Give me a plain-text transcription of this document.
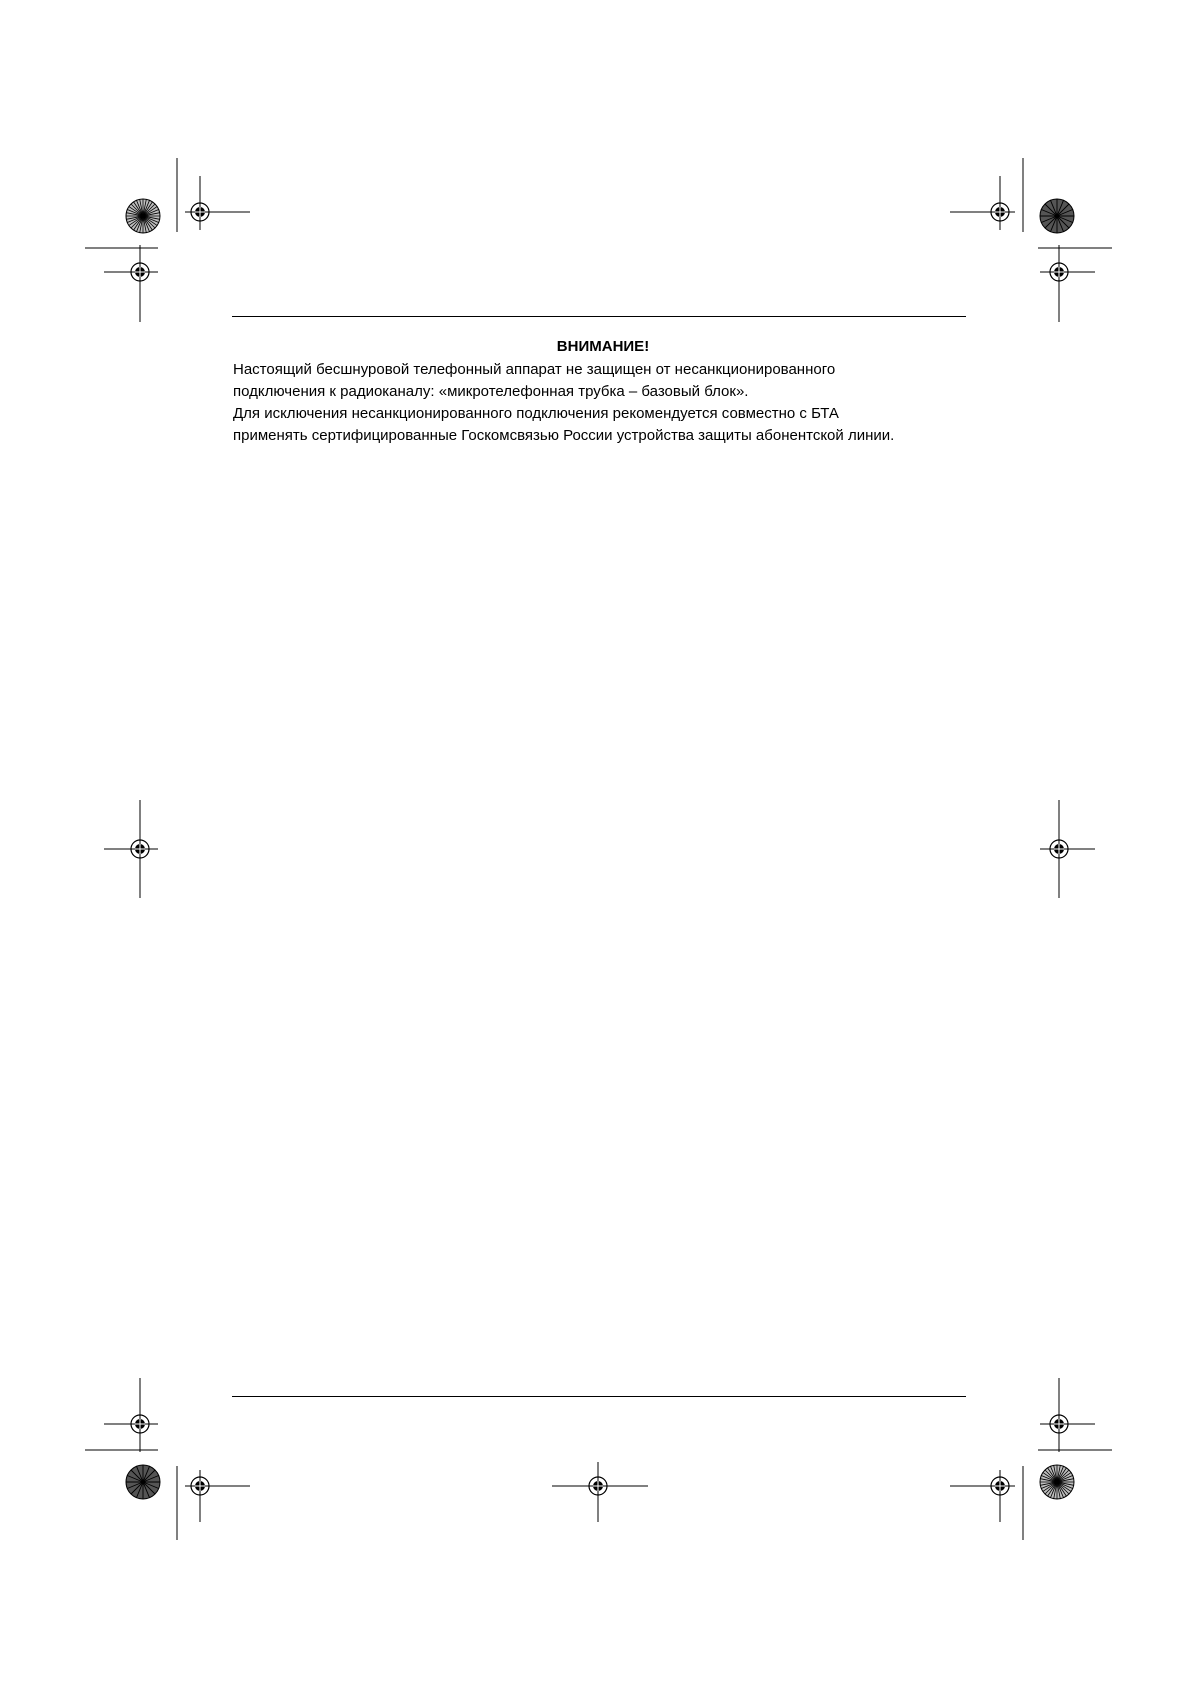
ВНИМАНИЕ!

Настоящий бесшнуровой телефонный аппарат не защищен от несанкционированного

подключения к радиоканалу: «микротелефонная трубка – базовый блок».

Для исключения несанкционированного подключения рекомендуется совместно с БТА

применять сертифицированные Госкомсвязью России устройства защиты абонентской линии.
